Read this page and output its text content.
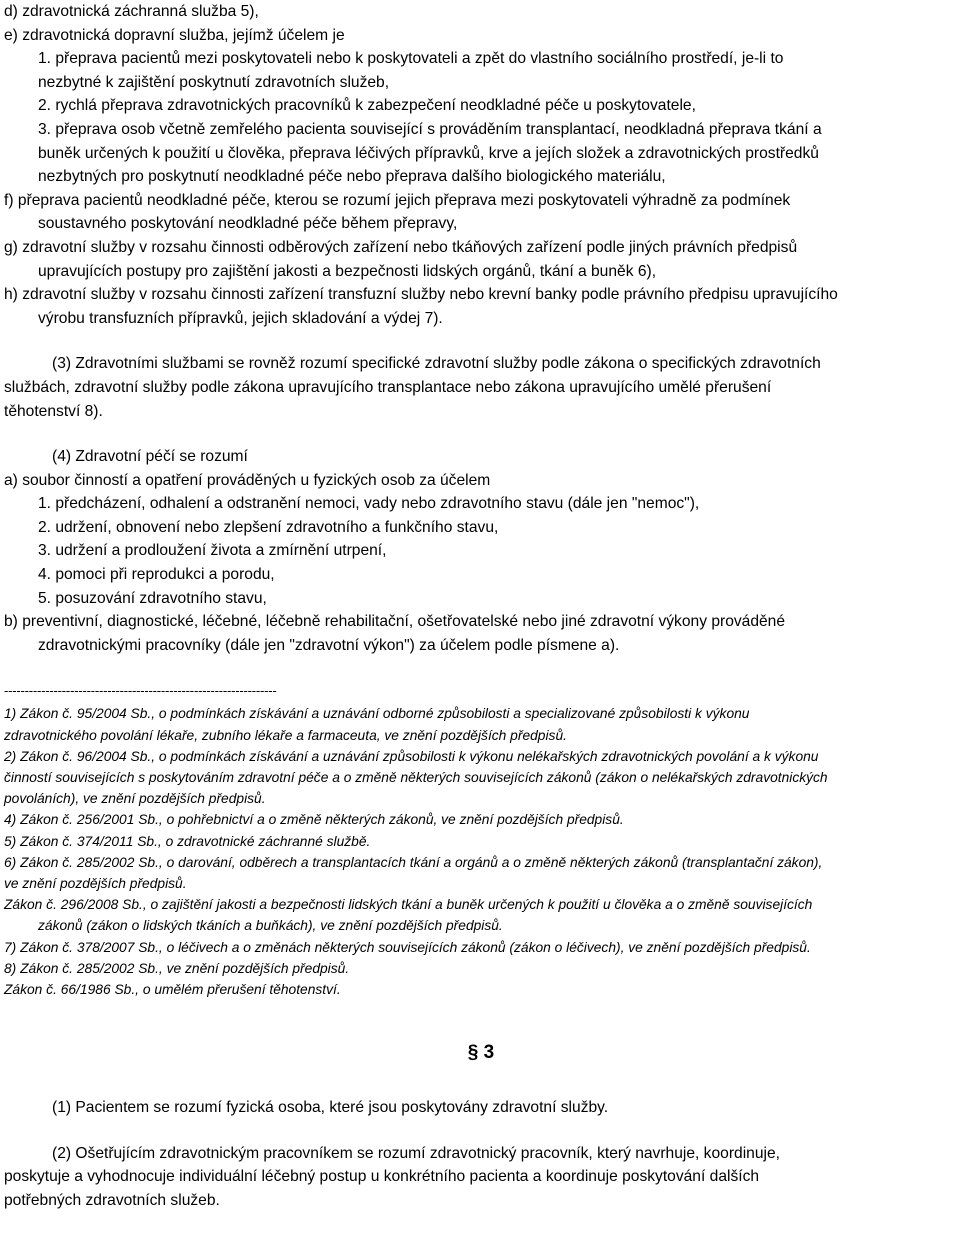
d) zdravotnická záchranná služba 5),

e) zdravotnická dopravní služba, jejímž účelem je

1. přeprava pacientů mezi poskytovateli nebo k poskytovateli a zpět do vlastního sociálního prostředí, je-li to

nezbytné k zajištění poskytnutí zdravotních služeb,

2. rychlá přeprava zdravotnických pracovníků k zabezpečení neodkladné péče u poskytovatele,

3. přeprava osob včetně zemřelého pacienta související s prováděním transplantací, neodkladná přeprava tkání a

buněk určených k použití u člověka, přeprava léčivých přípravků, krve a jejích složek a zdravotnických prostředků

nezbytných pro poskytnutí neodkladné péče nebo přeprava dalšího biologického materiálu,

f) přeprava pacientů neodkladné péče, kterou se rozumí jejich přeprava mezi poskytovateli výhradně za podmínek

soustavného poskytování neodkladné péče během přepravy,

g) zdravotní služby v rozsahu činnosti odběrových zařízení nebo tkáňových zařízení podle jiných právních předpisů

upravujících postupy pro zajištění jakosti a bezpečnosti lidských orgánů, tkání a buněk 6),

h) zdravotní služby v rozsahu činnosti zařízení transfuzní služby nebo krevní banky podle právního předpisu upravujícího

výrobu transfuzních přípravků, jejich skladování a výdej 7).

(3) Zdravotními službami se rovněž rozumí specifické zdravotní služby podle zákona o specifických zdravotních

službách, zdravotní služby podle zákona upravujícího transplantace nebo zákona upravujícího umělé přerušení

těhotenství 8).

(4) Zdravotní péčí se rozumí

a) soubor činností a opatření prováděných u fyzických osob za účelem

1. předcházení, odhalení a odstranění nemoci, vady nebo zdravotního stavu (dále jen "nemoc"),

2. udržení, obnovení nebo zlepšení zdravotního a funkčního stavu,

3. udržení a prodloužení života a zmírnění utrpení,

4. pomoci při reprodukci a porodu,

5. posuzování zdravotního stavu,

b) preventivní, diagnostické, léčebné, léčebně rehabilitační, ošetřovatelské nebo jiné zdravotní výkony prováděné

zdravotnickými pracovníky (dále jen "zdravotní výkon") za účelem podle písmene a).

------------------------------------------------------------------

1) Zákon č. 95/2004 Sb., o podmínkách získávání a uznávání odborné způsobilosti a specializované způsobilosti k výkonu
zdravotnického povolání lékaře, zubního lékaře a farmaceuta, ve znění pozdějších předpisů.
2) Zákon č. 96/2004 Sb., o podmínkách získávání a uznávání způsobilosti k výkonu nelékařských zdravotnických povolání a k výkonu
činností souvisejících s poskytováním zdravotní péče a o změně některých souvisejících zákonů (zákon o nelékařských zdravotnických
povoláních), ve znění pozdějších předpisů.
4) Zákon č. 256/2001 Sb., o pohřebnictví a o změně některých zákonů, ve znění pozdějších předpisů.
5) Zákon č. 374/2011 Sb., o zdravotnické záchranné službě.
6) Zákon č. 285/2002 Sb., o darování, odběrech a transplantacích tkání a orgánů a o změně některých zákonů (transplantační zákon),
ve znění pozdějších předpisů.
Zákon č. 296/2008 Sb., o zajištění jakosti a bezpečnosti lidských tkání a buněk určených k použití u člověka a o změně souvisejících
zákonů (zákon o lidských tkáních a buňkách), ve znění pozdějších předpisů.
7) Zákon č. 378/2007 Sb., o léčivech a o změnách některých souvisejících zákonů (zákon o léčivech), ve znění pozdějších předpisů.
8) Zákon č. 285/2002 Sb., ve znění pozdějších předpisů.
Zákon č. 66/1986 Sb., o umělém přerušení těhotenství.

§ 3

(1) Pacientem se rozumí fyzická osoba, které jsou poskytovány zdravotní služby.

(2) Ošetřujícím zdravotnickým pracovníkem se rozumí zdravotnický pracovník, který navrhuje, koordinuje,

poskytuje a vyhodnocuje individuální léčebný postup u konkrétního pacienta a koordinuje poskytování dalších

potřebných zdravotních služeb.
